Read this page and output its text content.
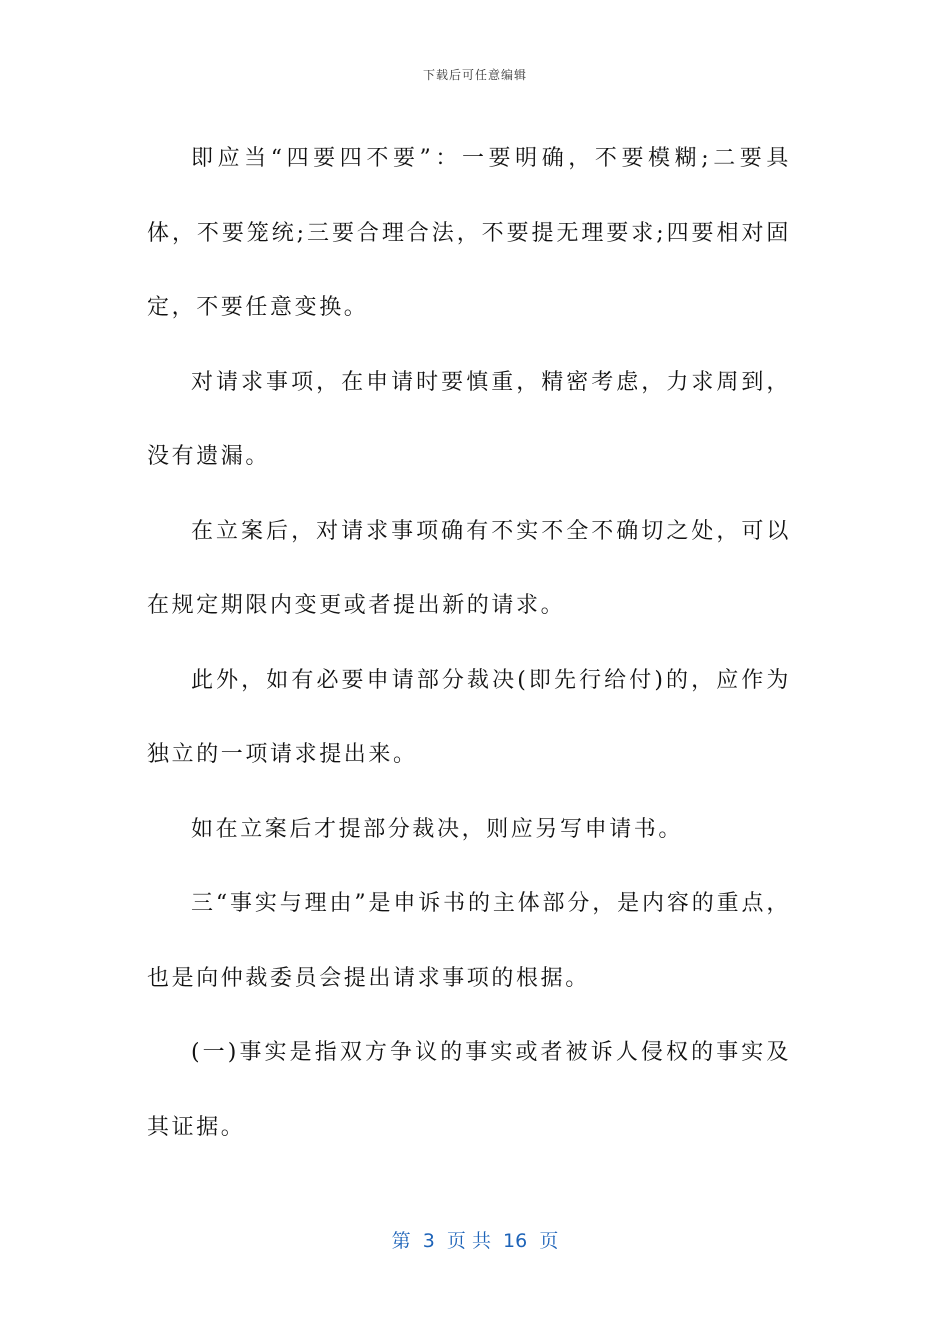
下载后可任意编辑

即应当“四要四不要”：一要明确，不要模糊;二要具体，不要笼统;三要合理合法，不要提无理要求;四要相对固定，不要任意变换。

对请求事项，在申请时要慎重，精密考虑，力求周到，没有遗漏。

在立案后，对请求事项确有不实不全不确切之处，可以在规定期限内变更或者提出新的请求。

此外，如有必要申请部分裁决(即先行给付)的，应作为独立的一项请求提出来。

如在立案后才提部分裁决，则应另写申请书。

三“事实与理由”是申诉书的主体部分，是内容的重点，也是向仲裁委员会提出请求事项的根据。

(一)事实是指双方争议的事实或者被诉人侵权的事实及其证据。

第  3  页 共  16  页
